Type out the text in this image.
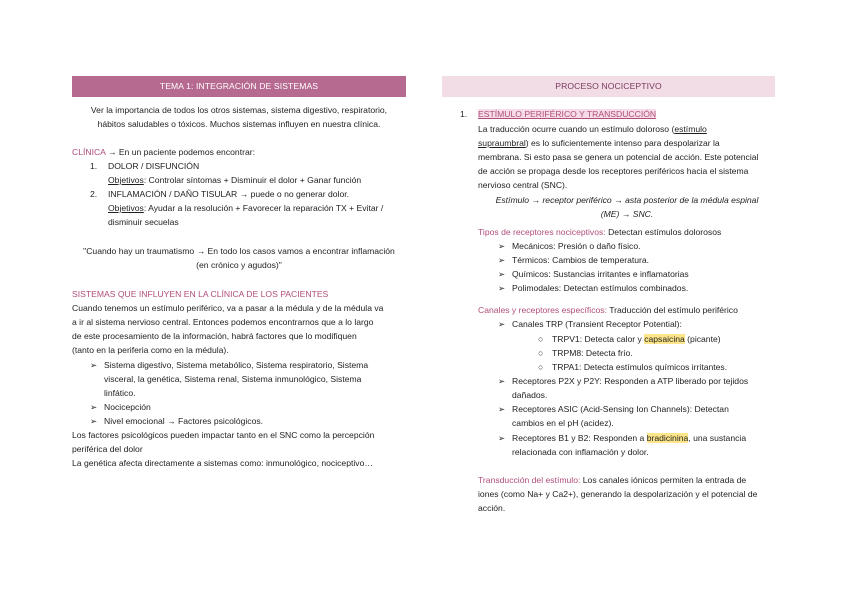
TEMA 1: INTEGRACIÓN DE SISTEMAS
Ver la importancia de todos los otros sistemas, sistema digestivo, respiratorio,
hábitos saludables o tóxicos. Muchos sistemas influyen en nuestra clínica.
CLÍNICA → En un paciente podemos encontrar:
1. DOLOR / DISFUNCIÓN
Objetivos: Controlar síntomas + Disminuir el dolor + Ganar función
2. INFLAMACIÓN / DAÑO TISULAR → puede o no generar dolor.
Objetivos: Ayudar a la resolución + Favorecer la reparación TX + Evitar /
disminuir secuelas
"Cuando hay un traumatismo → En todo los casos vamos a encontrar inflamación
(en crónico y agudos)"
SISTEMAS QUE INFLUYEN EN LA CLÍNICA DE LOS PACIENTES
Cuando tenemos un estímulo periférico, va a pasar a la médula y de la médula va
a ir al sistema nervioso central. Entonces podemos encontrarnos que a lo largo
de este procesamiento de la información, habrá factores que lo modifiquen
(tanto en la periferia como en la médula).
➢ Sistema digestivo, Sistema metabólico, Sistema respiratorio, Sistema
visceral, la genética, Sistema renal, Sistema inmunológico, Sistema
linfático.
➢ Nocicepción
➢ Nivel emocional → Factores psicológicos.
Los factores psicológicos pueden impactar tanto en el SNC como la percepción
periférica del dolor
La genética afecta directamente a sistemas como: inmunológico, nociceptivo…
PROCESO NOCICEPTIVO
1. ESTÍMULO PERIFÉRICO Y TRANSDUCCIÓN
La traducción ocurre cuando un estímulo doloroso (estímulo
supraumbral) es lo suficientemente intenso para despolarizar la
membrana. Si esto pasa se genera un potencial de acción. Este potencial
de acción se propaga desde los receptores periféricos hacia el sistema
nervioso central (SNC).
Estímulo → receptor periférico → asta posterior de la médula espinal
(ME) → SNC.
Tipos de receptores nociceptivos: Detectan estímulos dolorosos
➢ Mecánicos: Presión o daño físico.
➢ Térmicos: Cambios de temperatura.
➢ Químicos: Sustancias irritantes e inflamatorias
➢ Polimodales: Detectan estímulos combinados.
Canales y receptores específicos: Traducción del estímulo periférico
➢ Canales TRP (Transient Receptor Potential):
○ TRPV1: Detecta calor y capsaicina (picante)
○ TRPM8: Detecta frío.
○ TRPA1: Detecta estímulos químicos irritantes.
➢ Receptores P2X y P2Y: Responden a ATP liberado por tejidos
dañados.
➢ Receptores ASIC (Acid-Sensing Ion Channels): Detectan
cambios en el pH (acidez).
➢ Receptores B1 y B2: Responden a bradicinina, una sustancia
relacionada con inflamación y dolor.
Transducción del estímulo: Los canales iónicos permiten la entrada de
iones (como Na+ y Ca2+), generando la despolarización y el potencial de
acción.
